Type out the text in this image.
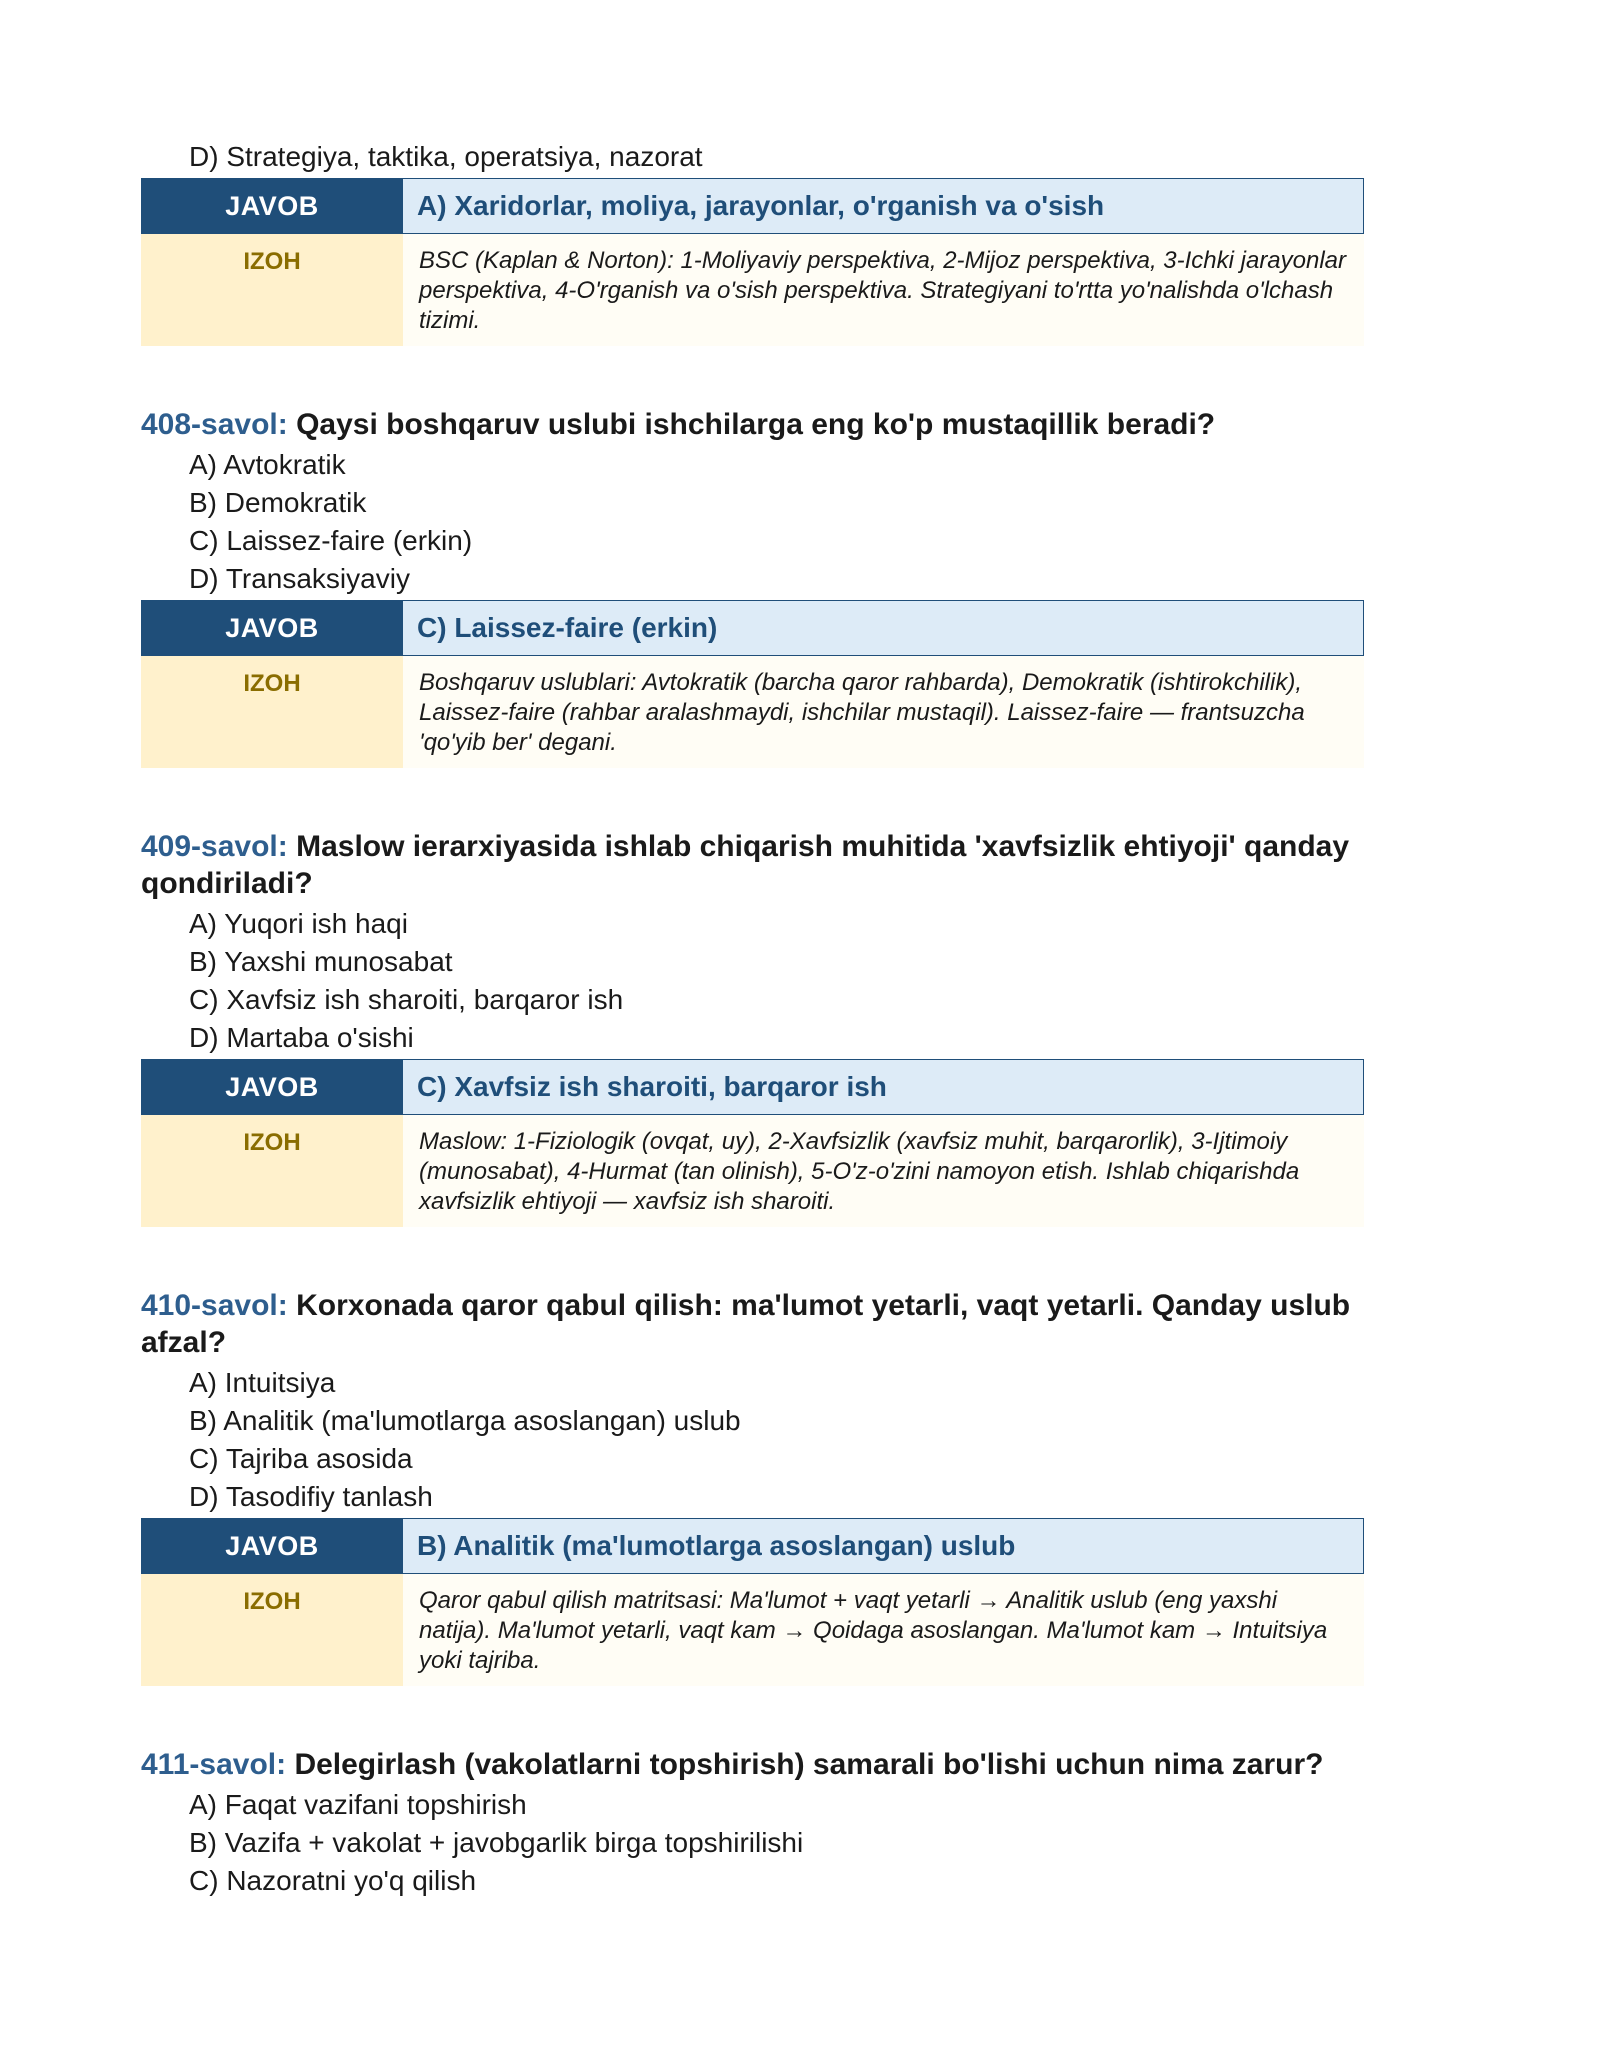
D) Strategiya, taktika, operatsiya, nazorat
JAVOB	A) Xaridorlar, moliya, jarayonlar, o'rganish va o'sish
IZOH	BSC (Kaplan & Norton): 1-Moliyaviy perspektiva, 2-Mijoz perspektiva, 3-Ichki jarayonlar perspektiva, 4-O'rganish va o'sish perspektiva. Strategiyani to'rtta yo'nalishda o'lchash tizimi.
408-savol: Qaysi boshqaruv uslubi ishchilarga eng ko'p mustaqillik beradi?
A) Avtokratik
B) Demokratik
C) Laissez-faire (erkin)
D) Transaksiyaviy
JAVOB	C) Laissez-faire (erkin)
IZOH	Boshqaruv uslublari: Avtokratik (barcha qaror rahbarda), Demokratik (ishtirokchilik), Laissez-faire (rahbar aralashmaydi, ishchilar mustaqil). Laissez-faire — frantsuzcha 'qo'yib ber' degani.
409-savol: Maslow ierarxiyasida ishlab chiqarish muhitida 'xavfsizlik ehtiyoji' qanday qondiriladi?
A) Yuqori ish haqi
B) Yaxshi munosabat
C) Xavfsiz ish sharoiti, barqaror ish
D) Martaba o'sishi
JAVOB	C) Xavfsiz ish sharoiti, barqaror ish
IZOH	Maslow: 1-Fiziologik (ovqat, uy), 2-Xavfsizlik (xavfsiz muhit, barqarorlik), 3-Ijtimoiy (munosabat), 4-Hurmat (tan olinish), 5-O'z-o'zini namoyon etish. Ishlab chiqarishda xavfsizlik ehtiyoji — xavfsiz ish sharoiti.
410-savol: Korxonada qaror qabul qilish: ma'lumot yetarli, vaqt yetarli. Qanday uslub afzal?
A) Intuitsiya
B) Analitik (ma'lumotlarga asoslangan) uslub
C) Tajriba asosida
D) Tasodifiy tanlash
JAVOB	B) Analitik (ma'lumotlarga asoslangan) uslub
IZOH	Qaror qabul qilish matritsasi: Ma'lumot + vaqt yetarli → Analitik uslub (eng yaxshi natija). Ma'lumot yetarli, vaqt kam → Qoidaga asoslangan. Ma'lumot kam → Intuitsiya yoki tajriba.
411-savol: Delegirlash (vakolatlarni topshirish) samarali bo'lishi uchun nima zarur?
A) Faqat vazifani topshirish
B) Vazifa + vakolat + javobgarlik birga topshirilishi
C) Nazoratni yo'q qilish
